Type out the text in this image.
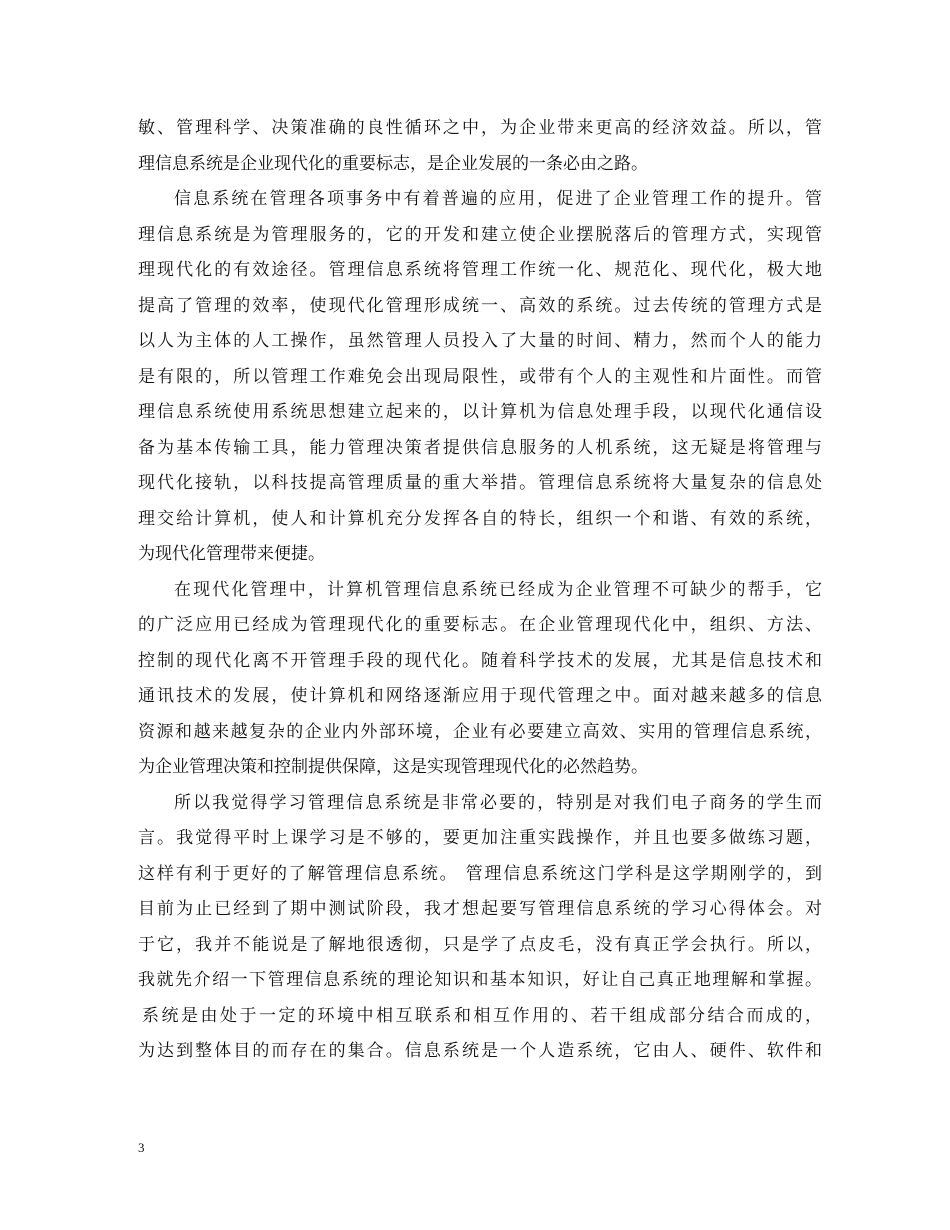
敏、管理科学、决策准确的良性循环之中，为企业带来更高的经济效益。所以，管
理信息系统是企业现代化的重要标志，是企业发展的一条必由之路。
信息系统在管理各项事务中有着普遍的应用，促进了企业管理工作的提升。管
理信息系统是为管理服务的，它的开发和建立使企业摆脱落后的管理方式，实现管
理现代化的有效途径。管理信息系统将管理工作统一化、规范化、现代化，极大地
提高了管理的效率，使现代化管理形成统一、高效的系统。过去传统的管理方式是
以人为主体的人工操作，虽然管理人员投入了大量的时间、精力，然而个人的能力
是有限的，所以管理工作难免会出现局限性，或带有个人的主观性和片面性。而管
理信息系统使用系统思想建立起来的，以计算机为信息处理手段，以现代化通信设
备为基本传输工具，能力管理决策者提供信息服务的人机系统，这无疑是将管理与
现代化接轨，以科技提高管理质量的重大举措。管理信息系统将大量复杂的信息处
理交给计算机，使人和计算机充分发挥各自的特长，组织一个和谐、有效的系统，
为现代化管理带来便捷。
在现代化管理中，计算机管理信息系统已经成为企业管理不可缺少的帮手，它
的广泛应用已经成为管理现代化的重要标志。在企业管理现代化中，组织、方法、
控制的现代化离不开管理手段的现代化。随着科学技术的发展，尤其是信息技术和
通讯技术的发展，使计算机和网络逐渐应用于现代管理之中。面对越来越多的信息
资源和越来越复杂的企业内外部环境，企业有必要建立高效、实用的管理信息系统，
为企业管理决策和控制提供保障，这是实现管理现代化的必然趋势。
所以我觉得学习管理信息系统是非常必要的，特别是对我们电子商务的学生而
言。我觉得平时上课学习是不够的，要更加注重实践操作，并且也要多做练习题，
这样有利于更好的了解管理信息系统。 管理信息系统这门学科是这学期刚学的，到
目前为止已经到了期中测试阶段，我才想起要写管理信息系统的学习心得体会。对
于它，我并不能说是了解地很透彻，只是学了点皮毛，没有真正学会执行。所以，
我就先介绍一下管理信息系统的理论知识和基本知识，好让自己真正地理解和掌握。
系统是由处于一定的环境中相互联系和相互作用的、若干组成部分结合而成的，
为达到整体目的而存在的集合。信息系统是一个人造系统，它由人、硬件、软件和
3
